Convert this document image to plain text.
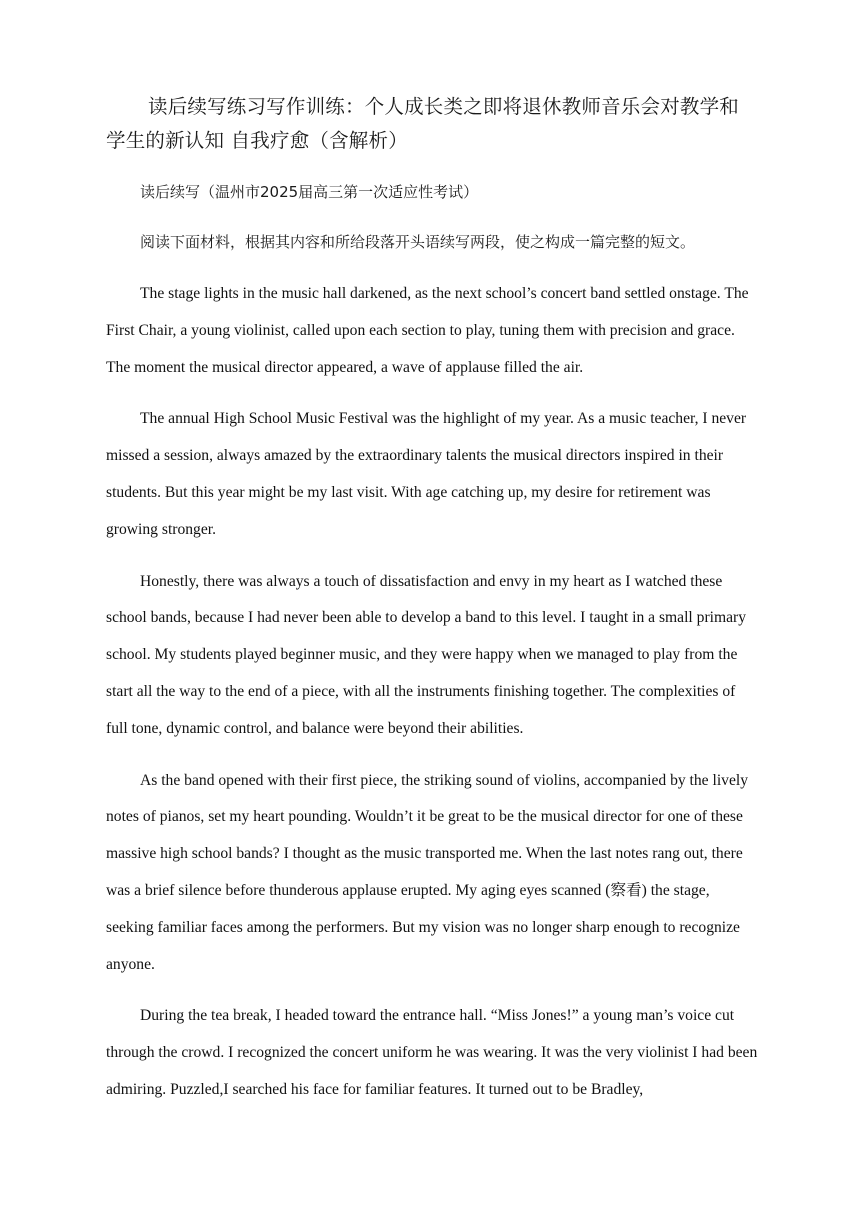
读后续写练习写作训练：个人成长类之即将退休教师音乐会对教学和学生的新认知 自我疗愈（含解析）

读后续写（温州市2025届高三第一次适应性考试）

阅读下面材料，根据其内容和所给段落开头语续写两段，使之构成一篇完整的短文。

The stage lights in the music hall darkened, as the next school’s concert band settled onstage. The First Chair, a young violinist, called upon each section to play, tuning them with precision and grace. The moment the musical director appeared, a wave of applause filled the air.

The annual High School Music Festival was the highlight of my year. As a music teacher, I never missed a session, always amazed by the extraordinary talents the musical directors inspired in their students. But this year might be my last visit. With age catching up, my desire for retirement was growing stronger.

Honestly, there was always a touch of dissatisfaction and envy in my heart as I watched these school bands, because I had never been able to develop a band to this level. I taught in a small primary school. My students played beginner music, and they were happy when we managed to play from the start all the way to the end of a piece, with all the instruments finishing together. The complexities of full tone, dynamic control, and balance were beyond their abilities.

As the band opened with their first piece, the striking sound of violins, accompanied by the lively notes of pianos, set my heart pounding. Wouldn’t it be great to be the musical director for one of these massive high school bands? I thought as the music transported me. When the last notes rang out, there was a brief silence before thunderous applause erupted. My aging eyes scanned (察看) the stage, seeking familiar faces among the performers. But my vision was no longer sharp enough to recognize anyone.

During the tea break, I headed toward the entrance hall. “Miss Jones!” a young man’s voice cut through the crowd. I recognized the concert uniform he was wearing. It was the very violinist I had been admiring. Puzzled,I searched his face for familiar features. It turned out to be Bradley,
